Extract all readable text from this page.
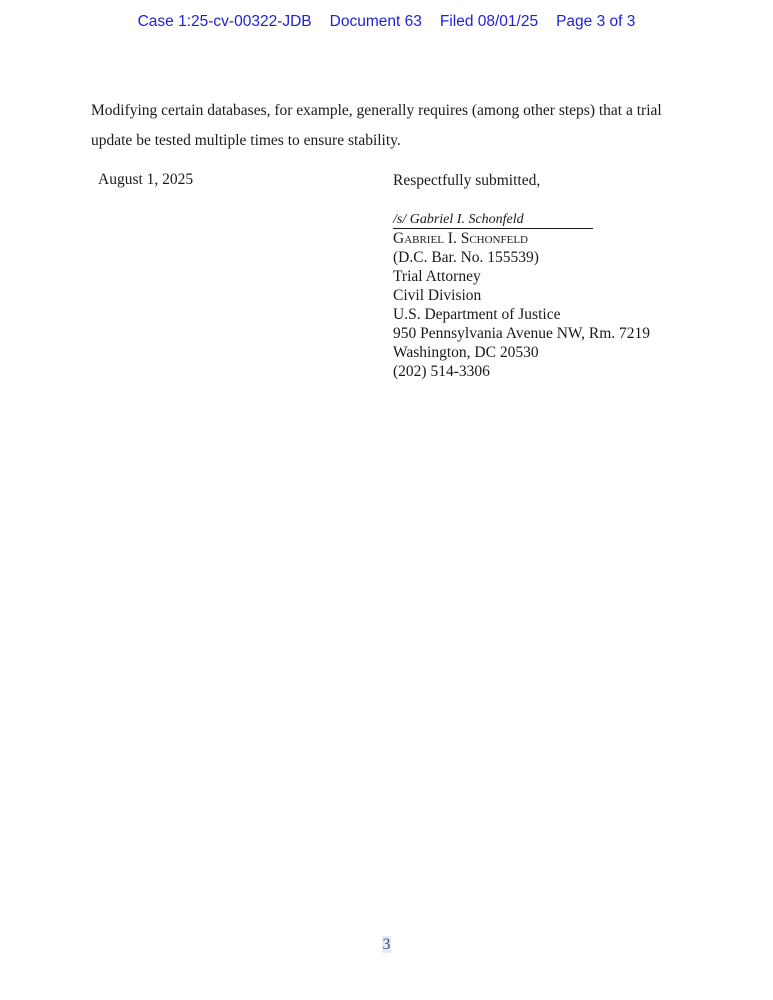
Case 1:25-cv-00322-JDB Document 63 Filed 08/01/25 Page 3 of 3
Modifying certain databases, for example, generally requires (among other steps) that a trial update be tested multiple times to ensure stability.
August 1, 2025	Respectfully submitted,
/s/ Gabriel I. Schonfeld
Gabriel I. Schonfeld
(D.C. Bar. No. 155539)
Trial Attorney
Civil Division
U.S. Department of Justice
950 Pennsylvania Avenue NW, Rm. 7219
Washington, DC 20530
(202) 514-3306
3
